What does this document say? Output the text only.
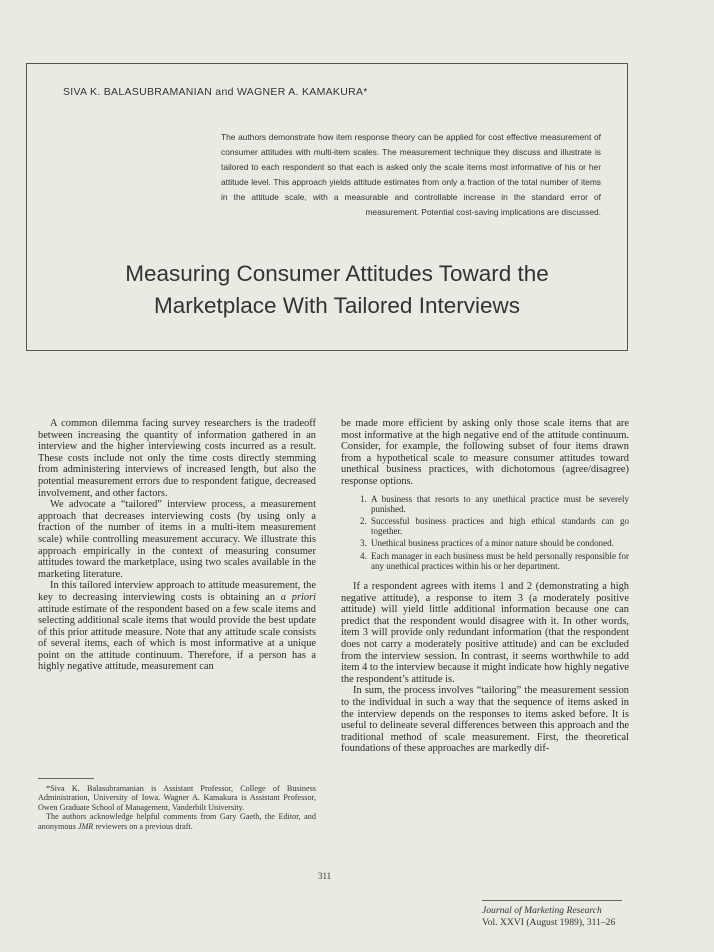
SIVA K. BALASUBRAMANIAN and WAGNER A. KAMAKURA*
The authors demonstrate how item response theory can be applied for cost effective measurement of consumer attitudes with multi-item scales. The measurement technique they discuss and illustrate is tailored to each respondent so that each is asked only the scale items most informative of his or her attitude level. This approach yields attitude estimates from only a fraction of the total number of items in the attitude scale, with a measurable and controllable increase in the standard error of measurement. Potential cost-saving implications are discussed.
Measuring Consumer Attitudes Toward the
Marketplace With Tailored Interviews

A common dilemma facing survey researchers is the tradeoff between increasing the quantity of information gathered in an interview and the higher interviewing costs incurred as a result. These costs include not only the time costs directly stemming from administering interviews of increased length, but also the potential measurement errors due to respondent fatigue, decreased involvement, and other factors.

We advocate a “tailored” interview process, a measurement approach that decreases interviewing costs (by using only a fraction of the number of items in a multi-item measurement scale) while controlling measurement accuracy. We illustrate this approach empirically in the context of measuring consumer attitudes toward the marketplace, using two scales available in the marketing literature.

In this tailored interview approach to attitude measurement, the key to decreasing interviewing costs is obtaining an a priori attitude estimate of the respondent based on a few scale items and selecting additional scale items that would provide the best update of this prior attitude measure. Note that any attitude scale consists of several items, each of which is most informative at a unique point on the attitude continuum. Therefore, if a person has a highly negative attitude, measurement can

*Siva K. Balasubramanian is Assistant Professor, College of Business Administration, University of Iowa. Wagner A. Kamakura is Assistant Professor, Owen Graduate School of Management, Vanderbilt University.

The authors acknowledge helpful comments from Gary Gaeth, the Editor, and anonymous JMR reviewers on a previous draft.

be made more efficient by asking only those scale items that are most informative at the high negative end of the attitude continuum. Consider, for example, the following subset of four items drawn from a hypothetical scale to measure consumer attitudes toward unethical business practices, with dichotomous (agree/disagree) response options.

1. A business that resorts to any unethical practice must be severely punished.
2. Successful business practices and high ethical standards can go together.
3. Unethical business practices of a minor nature should be condoned.
4. Each manager in each business must be held personally responsible for any unethical practices within his or her department.

If a respondent agrees with items 1 and 2 (demonstrating a high negative attitude), a response to item 3 (a moderately positive attitude) will yield little additional information because one can predict that the respondent would disagree with it. In other words, item 3 will provide only redundant information (that the respondent does not carry a moderately positive attitude) and can be excluded from the interview session. In contrast, it seems worthwhile to add item 4 to the interview because it might indicate how highly negative the respondent’s attitude is.

In sum, the process involves “tailoring” the measurement session to the individual in such a way that the sequence of items asked in the interview depends on the responses to items asked before. It is useful to delineate several differences between this approach and the traditional method of scale measurement. First, the theoretical foundations of these approaches are markedly dif-

311
Journal of Marketing Research
Vol. XXVI (August 1989), 311–26
